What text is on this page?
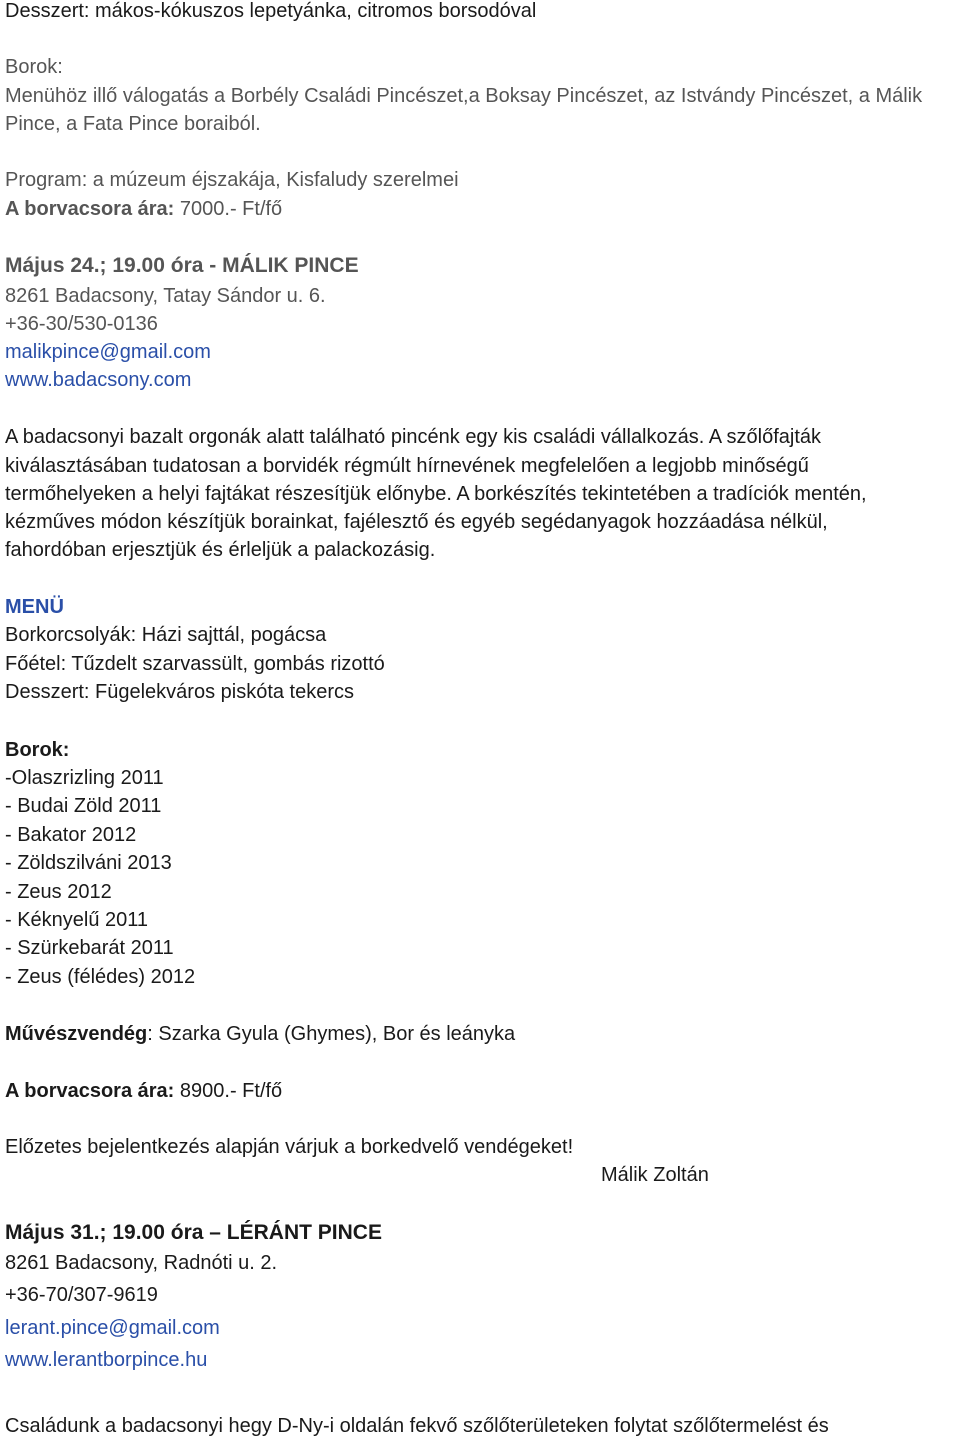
Desszert: mákos-kókuszos lepetyánka, citromos borsodóval
Borok:
Menühöz illő válogatás a Borbély Családi Pincészet,a Boksay Pincészet, az Istvándy Pincészet, a Málik
Pince, a Fata Pince boraiból.
Program: a múzeum éjszakája, Kisfaludy szerelmei
A borvacsora ára: 7000.- Ft/fő
Május 24.; 19.00 óra - MÁLIK PINCE
8261 Badacsony, Tatay Sándor u. 6.
+36-30/530-0136
malikpince@gmail.com
www.badacsony.com
A badacsonyi bazalt orgonák alatt található pincénk egy kis családi vállalkozás. A szőlőfajták
kiválasztásában tudatosan a borvidék régmúlt hírnevének megfelelően a legjobb minőségű
termőhelyeken a helyi fajtákat részesítjük előnybe. A borkészítés tekintetében a tradíciók mentén,
kézműves módon készítjük borainkat, fajélesztő és egyéb segédanyagok hozzáadása nélkül,
fahordóban erjesztjük és érleljük a palackozásig.
MENÜ
Borkorcsolyák: Házi sajttál, pogácsa
Főétel: Tűzdelt szarvassült, gombás rizottó
Desszert: Fügelekváros piskóta tekercs
Borok:
-Olaszrizling 2011
- Budai Zöld 2011
- Bakator 2012
- Zöldszilváni 2013
- Zeus 2012
- Kéknyelű 2011
- Szürkebarát 2011
- Zeus (félédes) 2012
Művészvendég: Szarka Gyula (Ghymes), Bor és leányka
A borvacsora ára: 8900.- Ft/fő
Előzetes bejelentkezés alapján várjuk a borkedvelő vendégeket!
Málik Zoltán
Május 31.; 19.00 óra – LÉRÁNT PINCE
8261 Badacsony, Radnóti u. 2.
+36-70/307-9619
lerant.pince@gmail.com
www.lerantborpince.hu
Családunk a badacsonyi hegy D-Ny-i oldalán fekvő szőlőterületeken folytat szőlőtermelést és
